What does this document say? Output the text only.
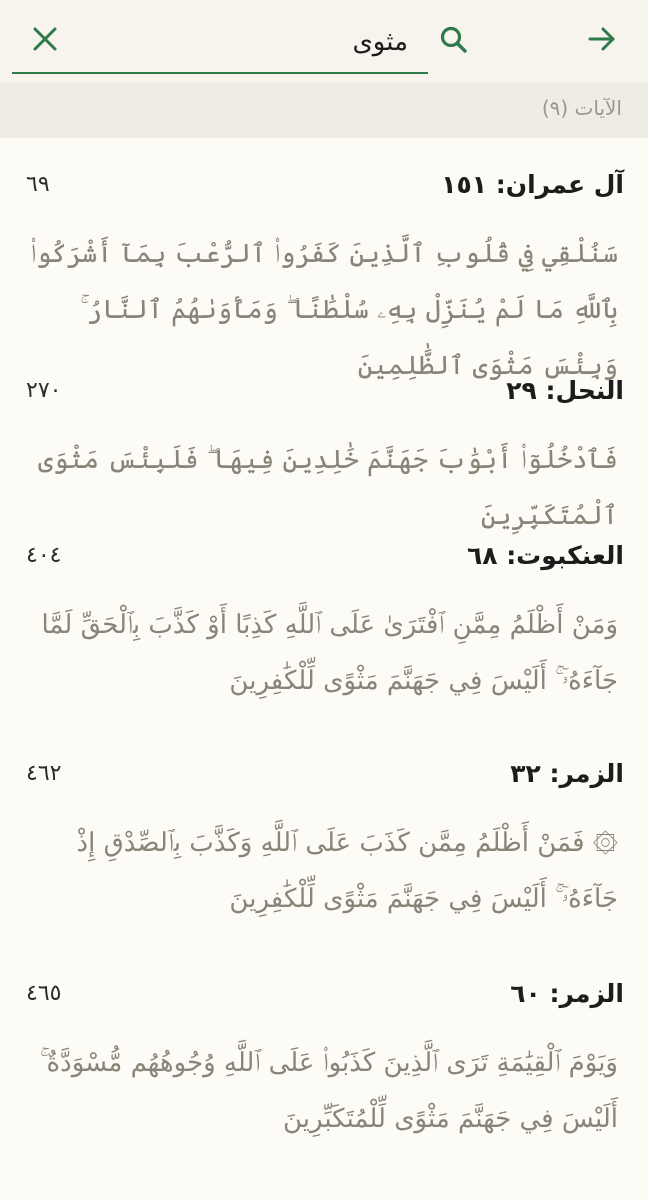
مثوى
الآيات (٩)
آل عمران: ١٥١
٦٩
سَنُلْقِي فِي قُلُوبِ ٱلَّذِينَ كَفَرُوا۟ ٱلرُّعْبَ بِمَآ أَشْرَكُوا۟ بِٱللَّهِ مَا لَمْ يُنَزِّلْ بِهِۦ سُلْطَٰنًا ۖ وَمَأْوَىٰهُمُ ٱلنَّارُ ۚ وَبِئْسَ مَثْوَى ٱلظَّٰلِمِينَ
النحل: ٢٩
٢٧٠
فَٱدْخُلُوٓا۟ أَبْوَٰبَ جَهَنَّمَ خَٰلِدِينَ فِيهَا ۖ فَلَبِئْسَ مَثْوَى ٱلْمُتَكَبِّرِينَ
العنكبوت: ٦٨
٤٠٤
وَمَنْ أَظْلَمُ مِمَّنِ ٱفْتَرَىٰ عَلَى ٱللَّهِ كَذِبًا أَوْ كَذَّبَ بِٱلْحَقِّ لَمَّا جَآءَهُۥٓ ۚ أَلَيْسَ فِي جَهَنَّمَ مَثْوًى لِّلْكَٰفِرِينَ
الزمر: ٣٢
٤٦٢
۞ فَمَنْ أَظْلَمُ مِمَّن كَذَبَ عَلَى ٱللَّهِ وَكَذَّبَ بِٱلصِّدْقِ إِذْ جَآءَهُۥٓ ۚ أَلَيْسَ فِي جَهَنَّمَ مَثْوًى لِّلْكَٰفِرِينَ
الزمر: ٦٠
٤٦٥
وَيَوْمَ ٱلْقِيَٰمَةِ تَرَى ٱلَّذِينَ كَذَبُوا۟ عَلَى ٱللَّهِ وُجُوهُهُم مُّسْوَدَّةٌ ۚ أَلَيْسَ فِي جَهَنَّمَ مَثْوًى لِّلْمُتَكَبِّرِينَ
